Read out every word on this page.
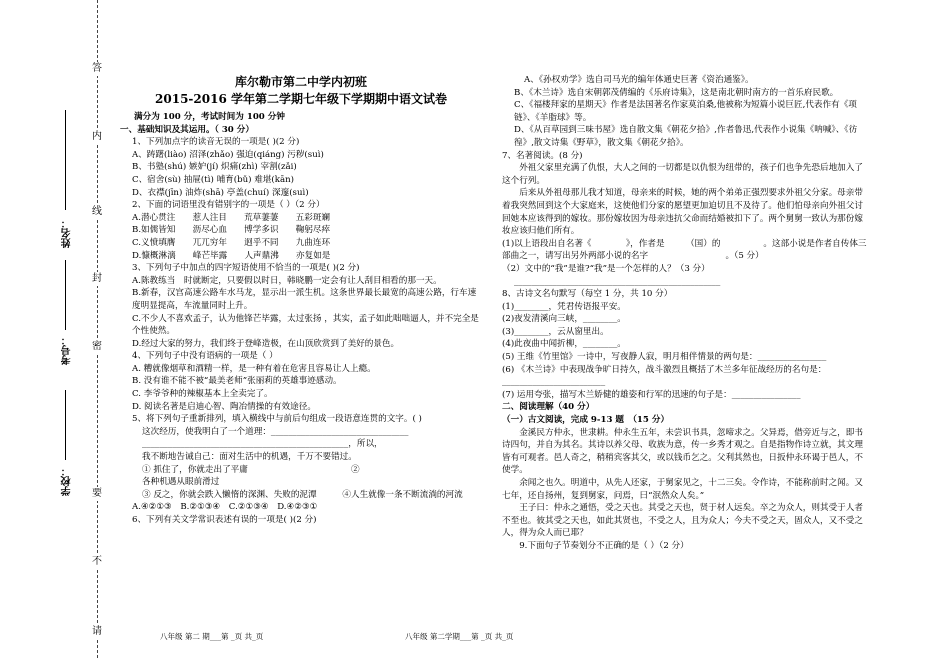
答
内
线
封
密
要
不
请
姓名：
考号：
学校：
库尔勒市第二中学内初班
2015-2016 学年第二学期七年级下学期期中语文试卷
满分为 100 分，考试时间为 100 分钟
一、基础知识及其运用。（ 30 分）
1、下列加点字的读音无误的一项是( )(2 分)
A、踌躇(liào) 沼泽(zhǎo) 强迫(qiáng) 污秽(suì)
B、书塾(shú) 嫉妒(jí) 炽痛(zhì) 宰割(zǎi)
C、宿舍(sù) 抽屉(tì) 哺育(bǔ) 难堪(kān)
D、衣襟(jīn) 油炸(shā) 亭盖(chuí) 深邃(suì)
2、下面的词语里没有错别字的一项是（ ）（2 分）
A.潜心贯注　　惹人注目　　荒草萋萋　　五彩斑斓
B.如儒皆知　　沥尽心血　　博学多识　　鞠躬尽瘁
C.义愤填膺　　兀兀穷年　　迥乎不同　　九曲连环
D.慷概淋漓　　峰芒毕露　　人声鼎沸　　亦复如是
3、下列句子中加点的四字短语使用不恰当的一项是( )(2 分)
A.陈教练当　时就断定，只要假以时日，韩晓鹏一定会有让人刮目相看的那一天。
B.新春，汉宫高速公路车水马龙，显示出一派生机。这条世界最长最宽的高速公路，行车速度明显提高，车流量同时上升。
C.不少人不喜欢孟子，认为他锋芒毕露，太过张扬 ，其实，孟子如此咄咄逼人，并不完全是个性使然。
D.经过大家的努力，我们终于登峰造极，在山顶欣赏到了美好的景色。
4、下列句子中没有语病的一项是（ ）
A. 糟就像烟草和酒精一样，是一种有着在危害且容易让人上瘾。
B. 没有谁不能不被“最美老师”张丽莉的英雄事迹感动。
C. 李爷爷种的辣椒基本上全卖完了。
D. 阅读名著是启迪心智、陶冶情操的有效途径。
5、将下列句子重新排列，填入横线中与前后句组成一段语意连贯的文字。( )
这次经历，使我明白了一个道理：________________________________
________________________________________________，所以，
我不断地告诫自己：面对生活中的机遇，千万不要错过。
① 抓住了，你就走出了平庸　　　　　　　　　　　　②
各种机遇从眼前滑过
③ 反之，你就会跌入懒惰的深渊、失败的泥潭　　　④人生就像一条不断流淌的河流
A.④②①③　B.②①③④　C.②①③④　D.④②③①
6、下列有关文学常识表述有误的一项是( )(2 分)
A、《孙权劝学》选自司马光的编年体通史巨著《资治通鉴》。
B、《木兰诗》选自宋朝郭茂倩编的《乐府诗集》，这是南北朝时南方的一首乐府民歌。
C、《福楼拜家的星期天》作者是法国著名作家莫泊桑,他被称为短篇小说巨匠,代表作有《项链》、《羊脂球》等。
D、《从百草园到三味书屋》选自散文集《朝花夕拾》,作者鲁迅,代表作小说集《呐喊》、《彷徨》,散文诗集《野草》，散文集《朝花夕拾》。
7、名著阅读。(8 分)
外祖父家里充满了仇恨，大人之间的一切都是以仇恨为纽带的，孩子们也争先恐后地加入了这个行列。
后来从外祖母那儿我才知道，母亲来的时候，她的两个弟弟正强烈要求外祖父分家。母亲带着我突然回到这个大家庭来，这使他们分家的愿望更加迫切且不及待了。他们怕母亲向外祖父讨回她本应该得到的嫁妆。那份嫁妆因为母亲违抗父命而结婚被扣下了。两个舅舅一致认为那份嫁妆应该归他们所有。
(1)以上语段出自名著《　　　　》，作者是　　　（国）的　　　　　。这部小说是作者自传体三部曲之一，请写出另外两部小说的名字　　　　　　　　　。（5 分）
（2）文中的“我”是谁?“我”是一个怎样的人？（3 分）
________________________________________________
8、古诗文名句默写（每空 1 分，共 10 分）
(1)________，凭君传语报平安。
(2)夜发清溪向三峡，________。
(3)________，云从窗里出。
(4)此夜曲中闻折柳，________。
(5) 王维《竹里馆》一诗中，写夜静人寂，明月相伴情景的两句是：________________
(6) 《木兰诗》中表现战争旷日持久，战斗激烈且概括了木兰多年征战经历的名句是：________________________
(7) 运用夸张，描写木兰娇健的雄姿和行军的迅速的句子是：________________
二、阅读理解（40 分）
（一）古文阅读，完成 9-13 题　（15 分）
金溪民方仲永，世隶耕。仲永生五年，未尝识书具，忽啼求之。父异焉，借旁近与之，即书诗四句，并自为其名。其诗以养父母、收族为意，传一乡秀才观之。自是指物作诗立就，其文理皆有可观者。邑人奇之，稍稍宾客其父，或以钱币乞之。父利其然也，日扳仲永环谒于邑人，不使学。
余闻之也久。明道中，从先人还家，于舅家见之，十二三矣。令作诗，不能称前时之闻。又七年，还自扬州，复到舅家，问焉，曰“泯然众人矣。”
王子曰：仲永之通悟，受之天也。其受之天也，贤于材人远矣。卒之为众人，则其受于人者不至也。彼其受之天也，如此其贤也，不受之人，且为众人；今夫不受之天，固众人，又不受之人，得为众人而已耶？
9.下面句子节奏划分不正确的是（ ）（2 分）
八年级 第二 期___第 _页 共_页	八年级 第二学期___第 _页 共_页
